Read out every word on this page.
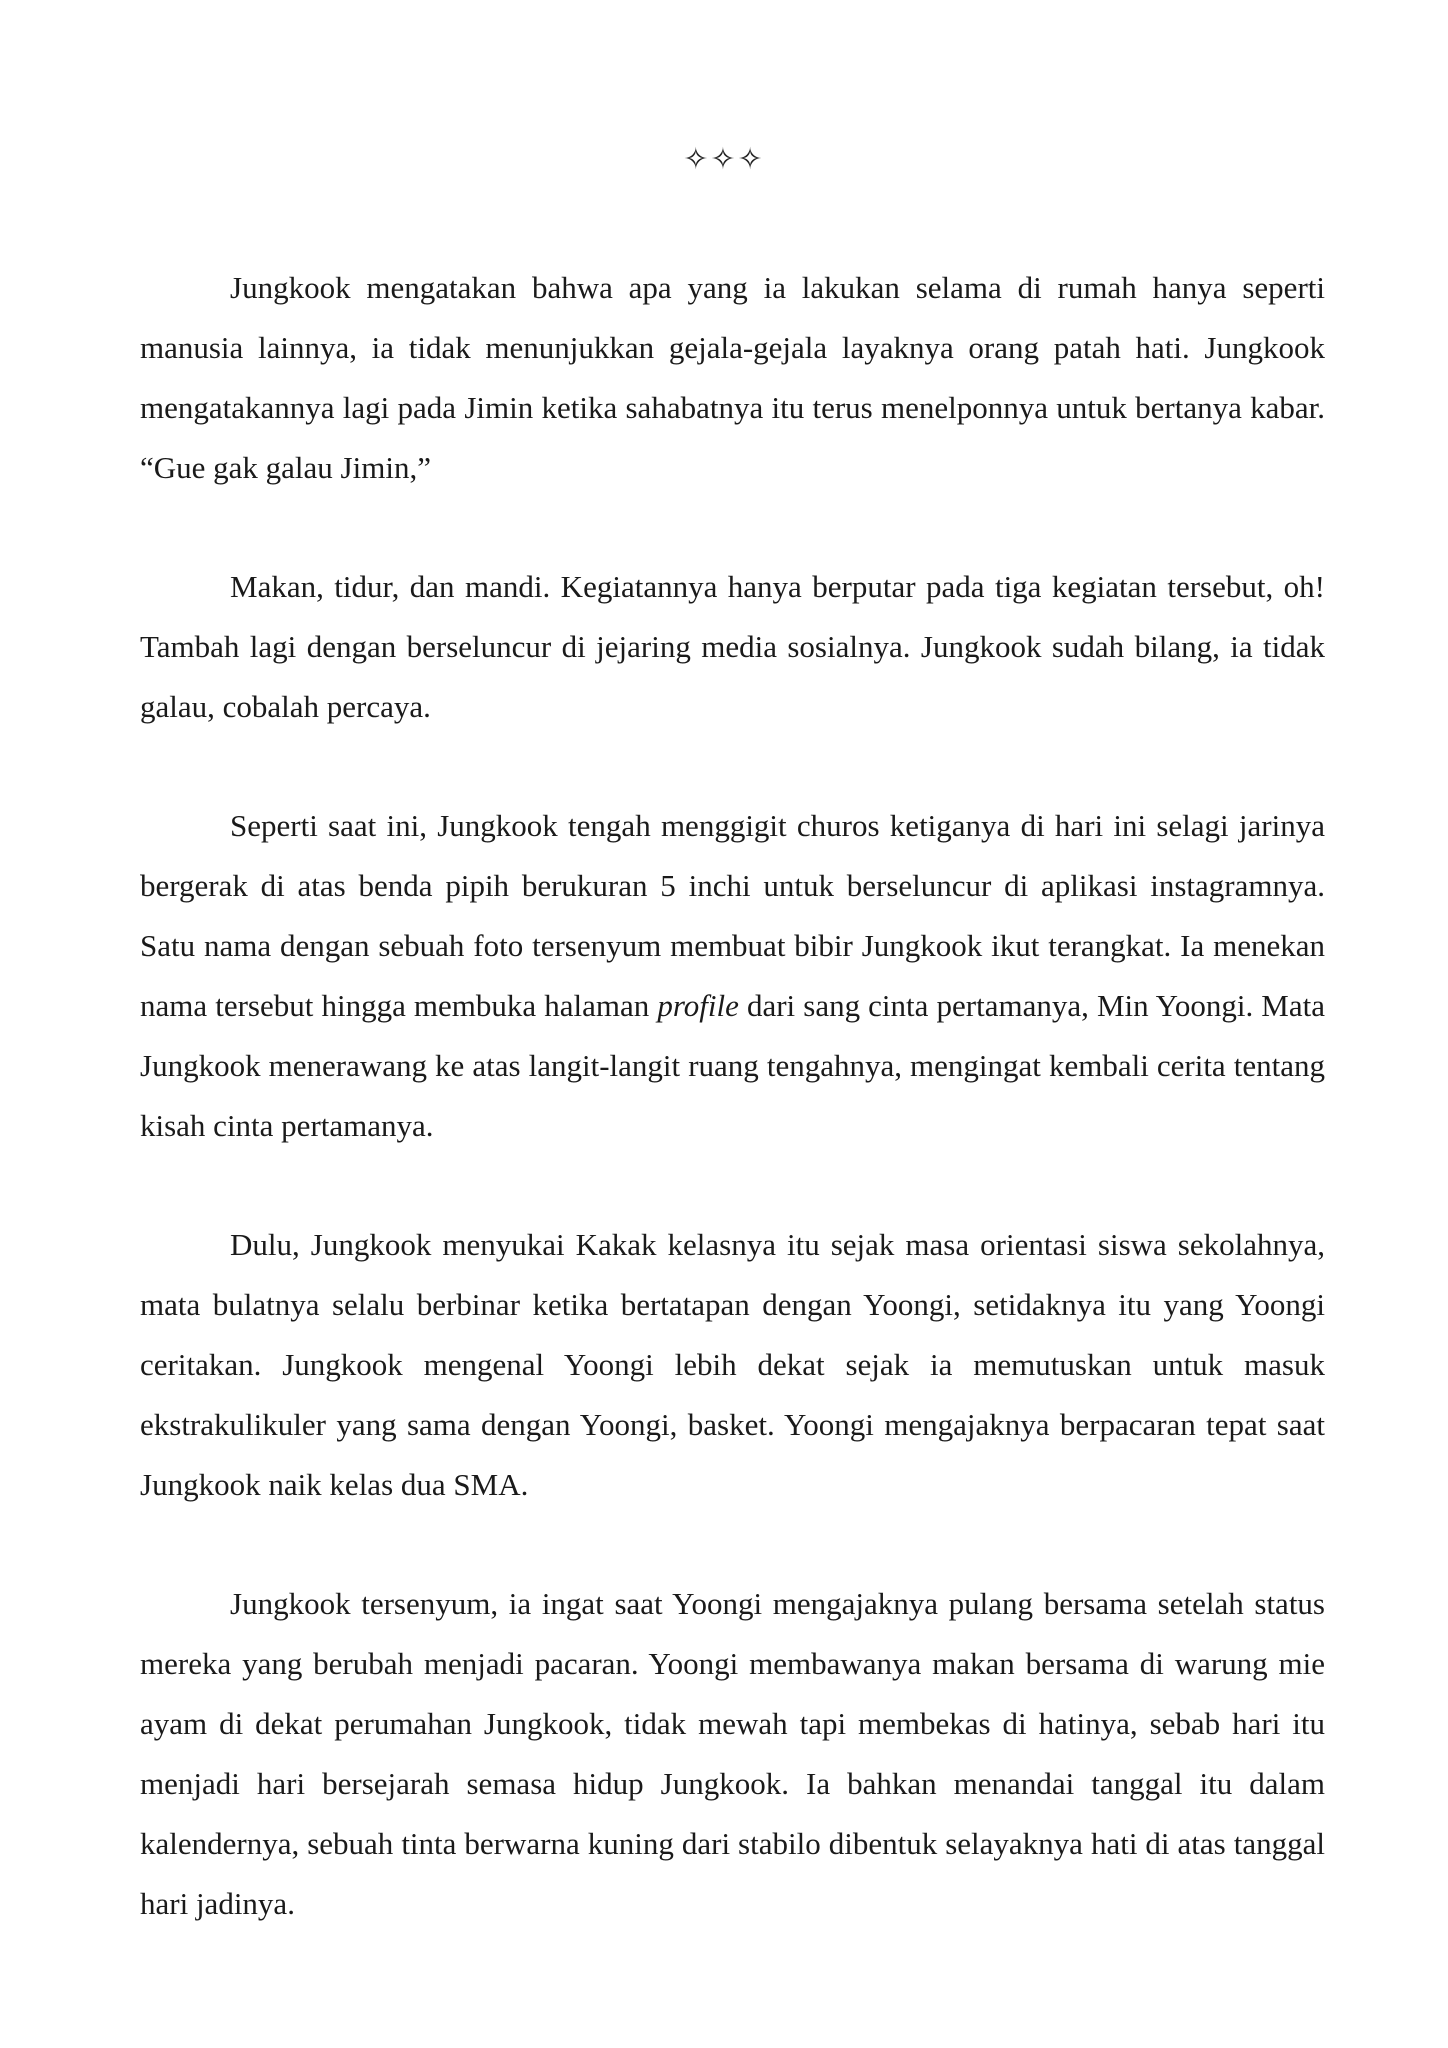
✧✧✧

Jungkook mengatakan bahwa apa yang ia lakukan selama di rumah hanya seperti manusia lainnya, ia tidak menunjukkan gejala-gejala layaknya orang patah hati. Jungkook mengatakannya lagi pada Jimin ketika sahabatnya itu terus menelponnya untuk bertanya kabar. “Gue gak galau Jimin,”

Makan, tidur, dan mandi. Kegiatannya hanya berputar pada tiga kegiatan tersebut, oh! Tambah lagi dengan berseluncur di jejaring media sosialnya. Jungkook sudah bilang, ia tidak galau, cobalah percaya.

Seperti saat ini, Jungkook tengah menggigit churos ketiganya di hari ini selagi jarinya bergerak di atas benda pipih berukuran 5 inchi untuk berseluncur di aplikasi instagramnya. Satu nama dengan sebuah foto tersenyum membuat bibir Jungkook ikut terangkat. Ia menekan nama tersebut hingga membuka halaman profile dari sang cinta pertamanya, Min Yoongi. Mata Jungkook menerawang ke atas langit-langit ruang tengahnya, mengingat kembali cerita tentang kisah cinta pertamanya.

Dulu, Jungkook menyukai Kakak kelasnya itu sejak masa orientasi siswa sekolahnya, mata bulatnya selalu berbinar ketika bertatapan dengan Yoongi, setidaknya itu yang Yoongi ceritakan. Jungkook mengenal Yoongi lebih dekat sejak ia memutuskan untuk masuk ekstrakulikuler yang sama dengan Yoongi, basket. Yoongi mengajaknya berpacaran tepat saat Jungkook naik kelas dua SMA.

Jungkook tersenyum, ia ingat saat Yoongi mengajaknya pulang bersama setelah status mereka yang berubah menjadi pacaran. Yoongi membawanya makan bersama di warung mie ayam di dekat perumahan Jungkook, tidak mewah tapi membekas di hatinya, sebab hari itu menjadi hari bersejarah semasa hidup Jungkook. Ia bahkan menandai tanggal itu dalam kalendernya, sebuah tinta berwarna kuning dari stabilo dibentuk selayaknya hati di atas tanggal hari jadinya.
